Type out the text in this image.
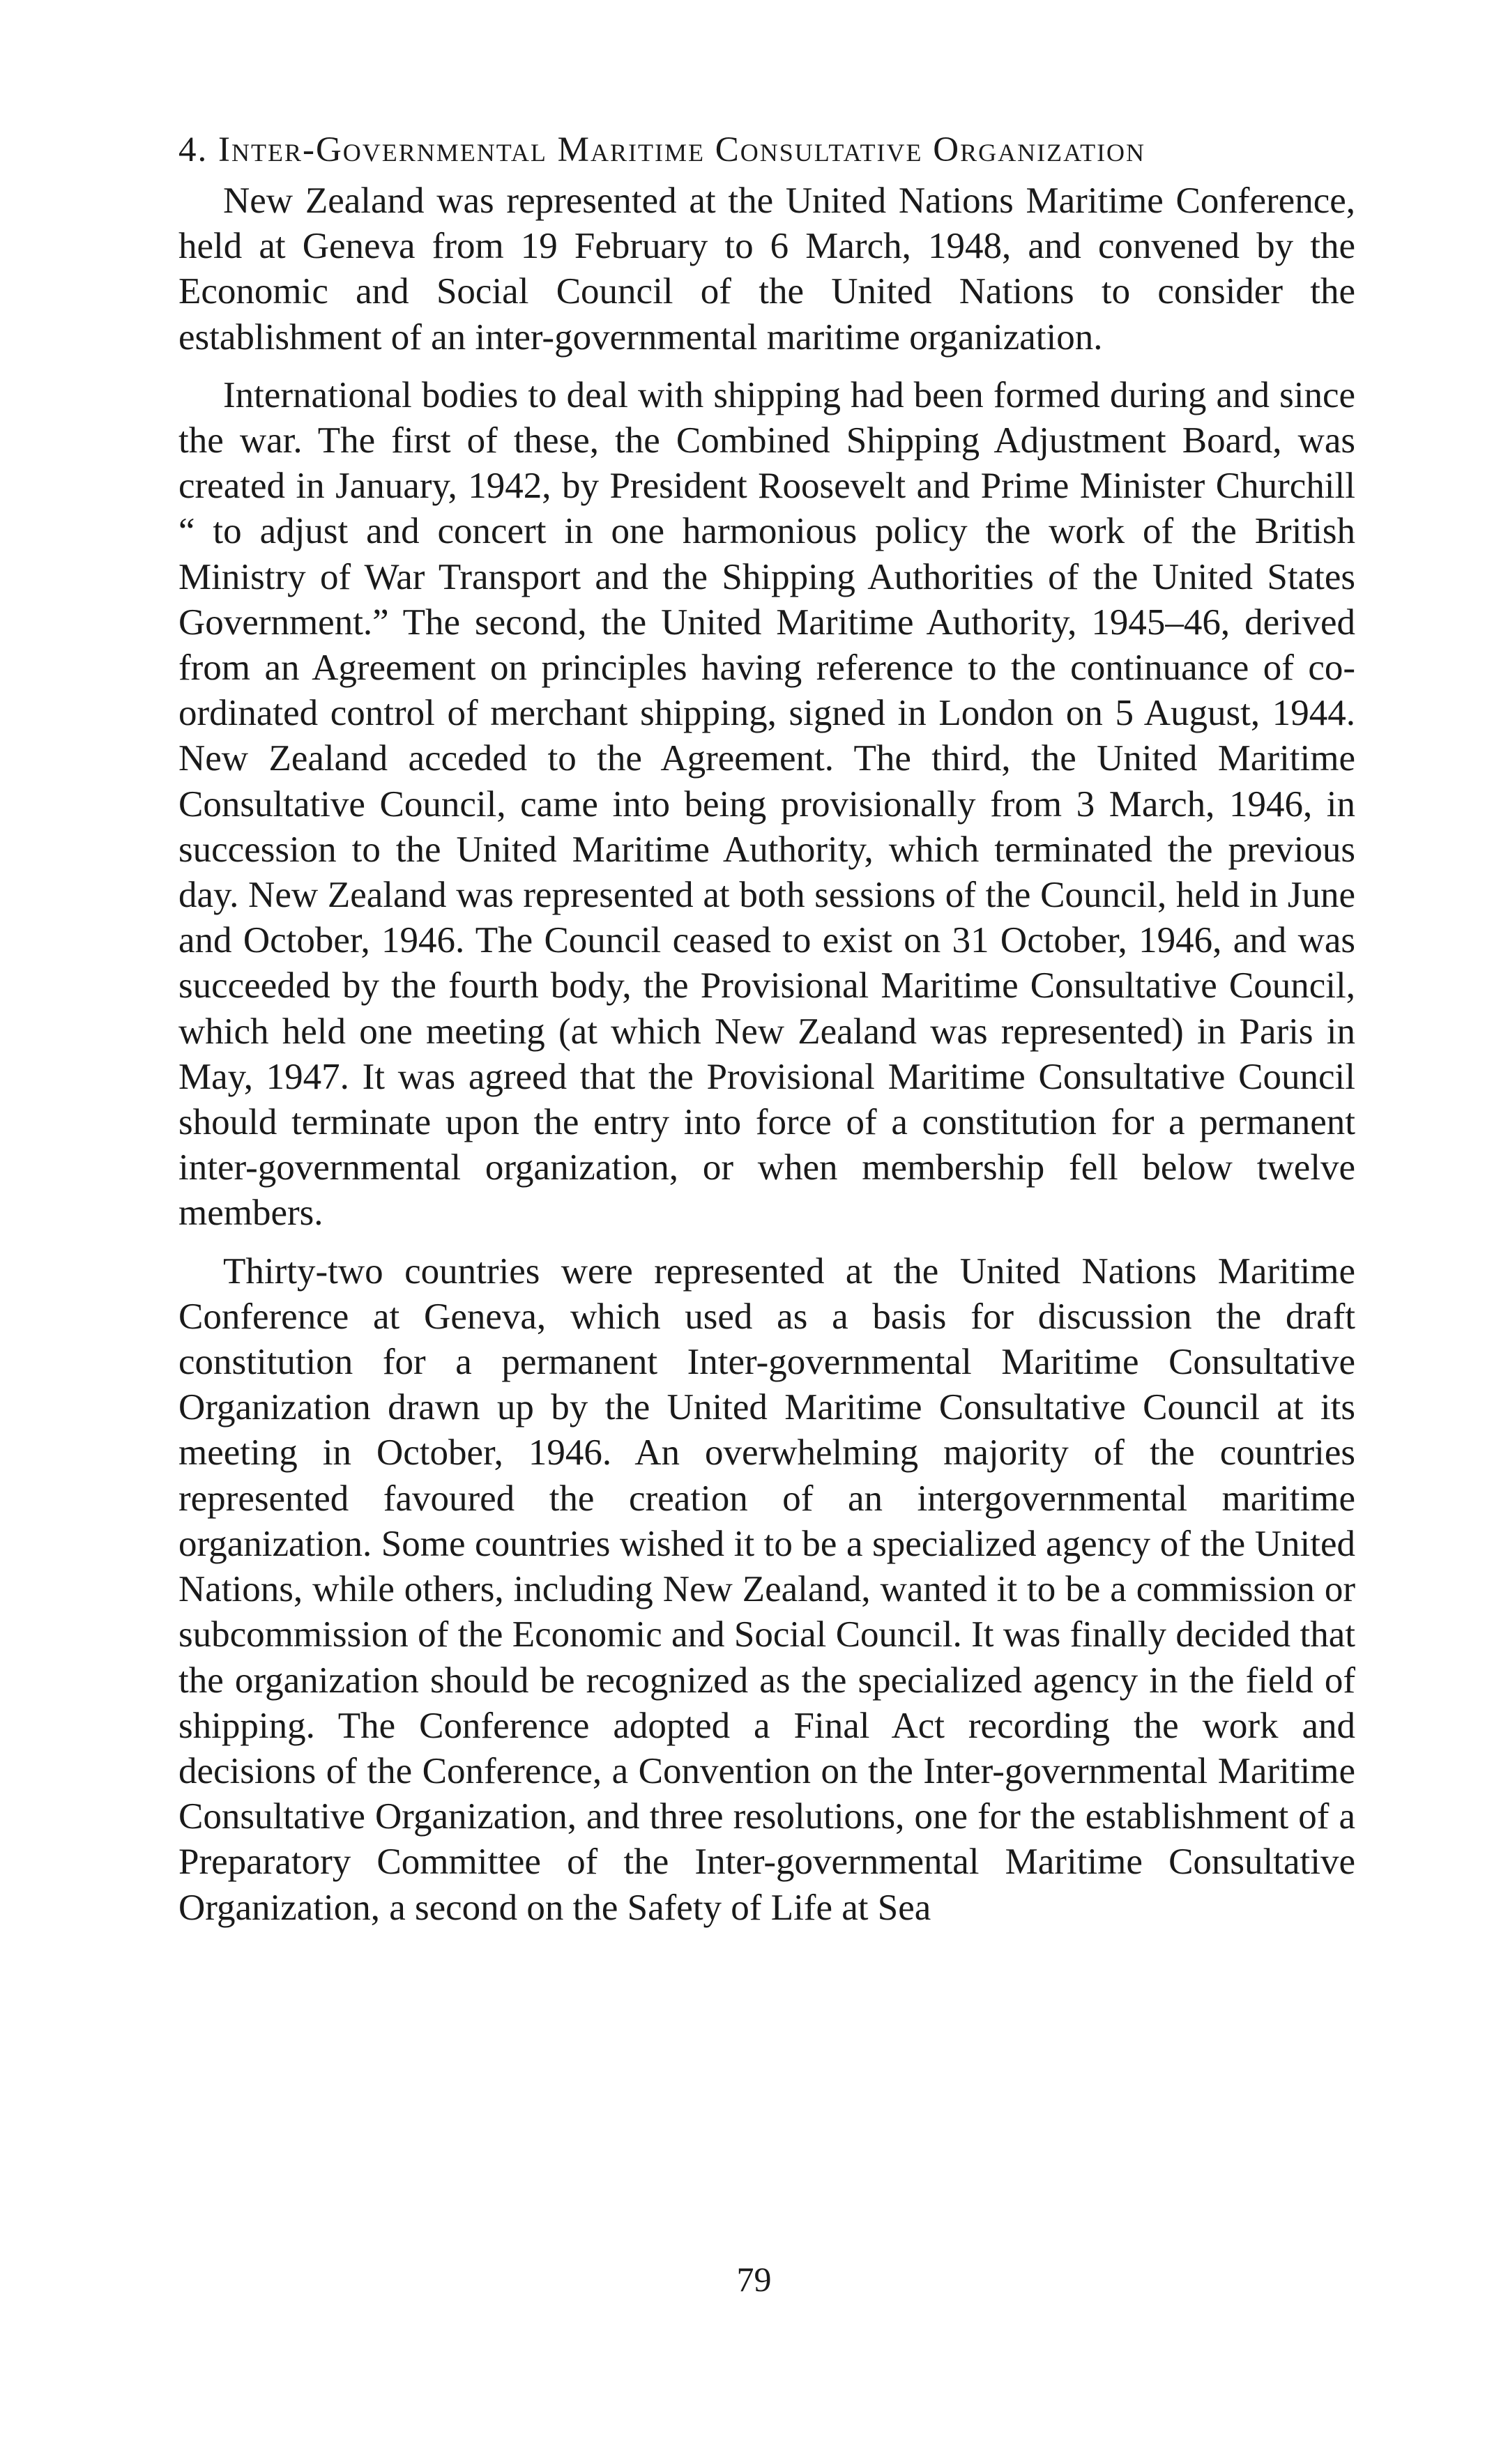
4. Inter-Governmental Maritime Consultative Organization

New Zealand was represented at the United Nations Maritime Conference, held at Geneva from 19 February to 6 March, 1948, and convened by the Economic and Social Council of the United Nations to consider the establishment of an inter-governmental maritime organization.

International bodies to deal with shipping had been formed during and since the war. The first of these, the Combined Shipping Adjustment Board, was created in January, 1942, by President Roosevelt and Prime Minister Churchill “ to adjust and concert in one harmonious policy the work of the British Ministry of War Transport and the Shipping Authorities of the United States Government.” The second, the United Maritime Authority, 1945–46, derived from an Agreement on principles having reference to the continuance of co-ordinated control of merchant shipping, signed in London on 5 August, 1944. New Zealand acceded to the Agreement. The third, the United Maritime Consultative Council, came into being provisionally from 3 March, 1946, in succession to the United Maritime Authority, which terminated the previous day. New Zealand was represented at both sessions of the Council, held in June and October, 1946. The Council ceased to exist on 31 October, 1946, and was succeeded by the fourth body, the Provisional Maritime Consultative Council, which held one meeting (at which New Zealand was represented) in Paris in May, 1947. It was agreed that the Provisional Maritime Consultative Council should terminate upon the entry into force of a constitution for a permanent inter-governmental organization, or when membership fell below twelve members.

Thirty-two countries were represented at the United Nations Maritime Conference at Geneva, which used as a basis for discussion the draft constitution for a permanent Inter-governmental Maritime Consultative Organization drawn up by the United Maritime Consultative Council at its meeting in October, 1946. An overwhelming majority of the countries represented favoured the creation of an intergovernmental maritime organization. Some countries wished it to be a specialized agency of the United Nations, while others, including New Zealand, wanted it to be a commission or subcommission of the Economic and Social Council. It was finally decided that the organization should be recognized as the specialized agency in the field of shipping. The Conference adopted a Final Act recording the work and decisions of the Conference, a Convention on the Inter-governmental Maritime Consultative Organization, and three resolutions, one for the establishment of a Preparatory Committee of the Inter-governmental Maritime Consultative Organization, a second on the Safety of Life at Sea

79
